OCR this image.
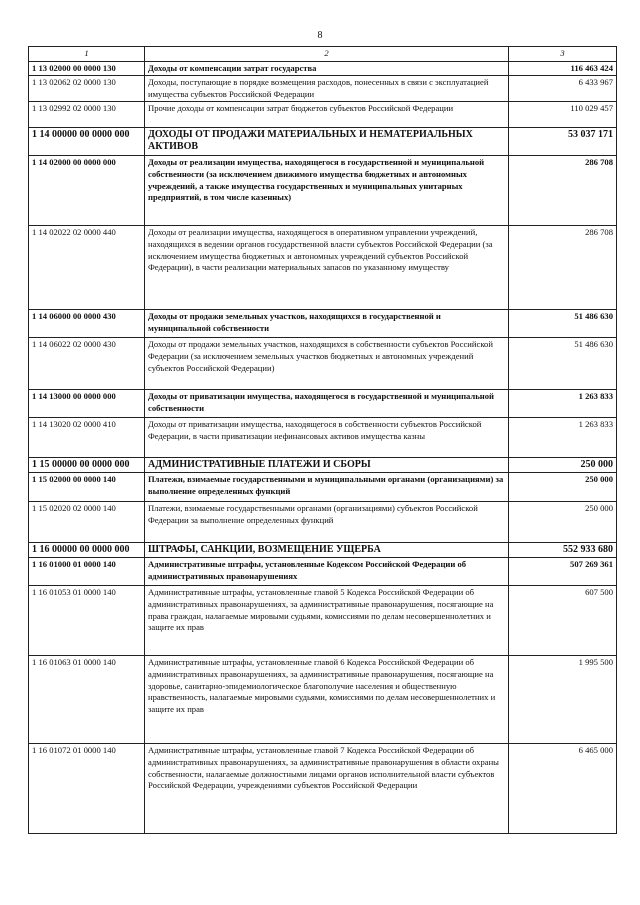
8
1	2	3
1 13 02000 00 0000 130	Доходы от компенсации затрат государства	116 463 424
1 13 02062 02 0000 130	Доходы, поступающие в порядке возмещения расходов, понесенных в связи с эксплуатацией имущества субъектов Российской Федерации	6 433 967
1 13 02992 02 0000 130	Прочие доходы от компенсации затрат бюджетов субъектов Российской Федерации	110 029 457
1 14 00000 00 0000 000	ДОХОДЫ ОТ ПРОДАЖИ МАТЕРИАЛЬНЫХ И НЕМАТЕРИАЛЬНЫХ АКТИВОВ	53 037 171
1 14 02000 00 0000 000	Доходы от реализации имущества, находящегося в государственной и муниципальной собственности (за исключением движимого имущества бюджетных и автономных учреждений, а также имущества государственных и муниципальных унитарных предприятий, в том числе казенных)	286 708
1 14 02022 02 0000 440	Доходы от реализации имущества, находящегося в оперативном управлении учреждений, находящихся в ведении органов государственной власти субъектов Российской Федерации (за исключением имущества бюджетных и автономных учреждений субъектов Российской Федерации), в части реализации материальных запасов по указанному имуществу	286 708
1 14 06000 00 0000 430	Доходы от продажи земельных участков, находящихся в государственной и муниципальной собственности	51 486 630
1 14 06022 02 0000 430	Доходы от продажи земельных участков, находящихся в собственности субъектов Российской Федерации (за исключением земельных участков бюджетных и автономных учреждений субъектов Российской Федерации)	51 486 630
1 14 13000 00 0000 000	Доходы от приватизации имущества, находящегося в государственной и муниципальной собственности	1 263 833
1 14 13020 02 0000 410	Доходы от приватизации имущества, находящегося в собственности субъектов Российской Федерации, в части приватизации нефинансовых активов имущества казны	1 263 833
1 15 00000 00 0000 000	АДМИНИСТРАТИВНЫЕ ПЛАТЕЖИ И СБОРЫ	250 000
1 15 02000 00 0000 140	Платежи, взимаемые государственными и муниципальными органами (организациями) за выполнение определенных функций	250 000
1 15 02020 02 0000 140	Платежи, взимаемые государственными органами (организациями) субъектов Российской Федерации за выполнение определенных функций	250 000
1 16 00000 00 0000 000	ШТРАФЫ, САНКЦИИ, ВОЗМЕЩЕНИЕ УЩЕРБА	552 933 680
1 16 01000 01 0000 140	Административные штрафы, установленные Кодексом Российской Федерации об административных правонарушениях	507 269 361
1 16 01053 01 0000 140	Административные штрафы, установленные главой 5 Кодекса Российской Федерации об административных правонарушениях, за административные правонарушения, посягающие на права граждан, налагаемые мировыми судьями, комиссиями по делам несовершеннолетних и защите их прав	607 500
1 16 01063 01 0000 140	Административные штрафы, установленные главой 6 Кодекса Российской Федерации об административных правонарушениях, за административные правонарушения, посягающие на здоровье, санитарно-эпидемиологическое благополучие населения и общественную нравственность, налагаемые мировыми судьями, комиссиями по делам несовершеннолетних и защите их прав	1 995 500
1 16 01072 01 0000 140	Административные штрафы, установленные главой 7 Кодекса Российской Федерации об административных правонарушениях, за административные правонарушения в области охраны собственности, налагаемые должностными лицами органов исполнительной власти субъектов Российской Федерации, учреждениями субъектов Российской Федерации	6 465 000
